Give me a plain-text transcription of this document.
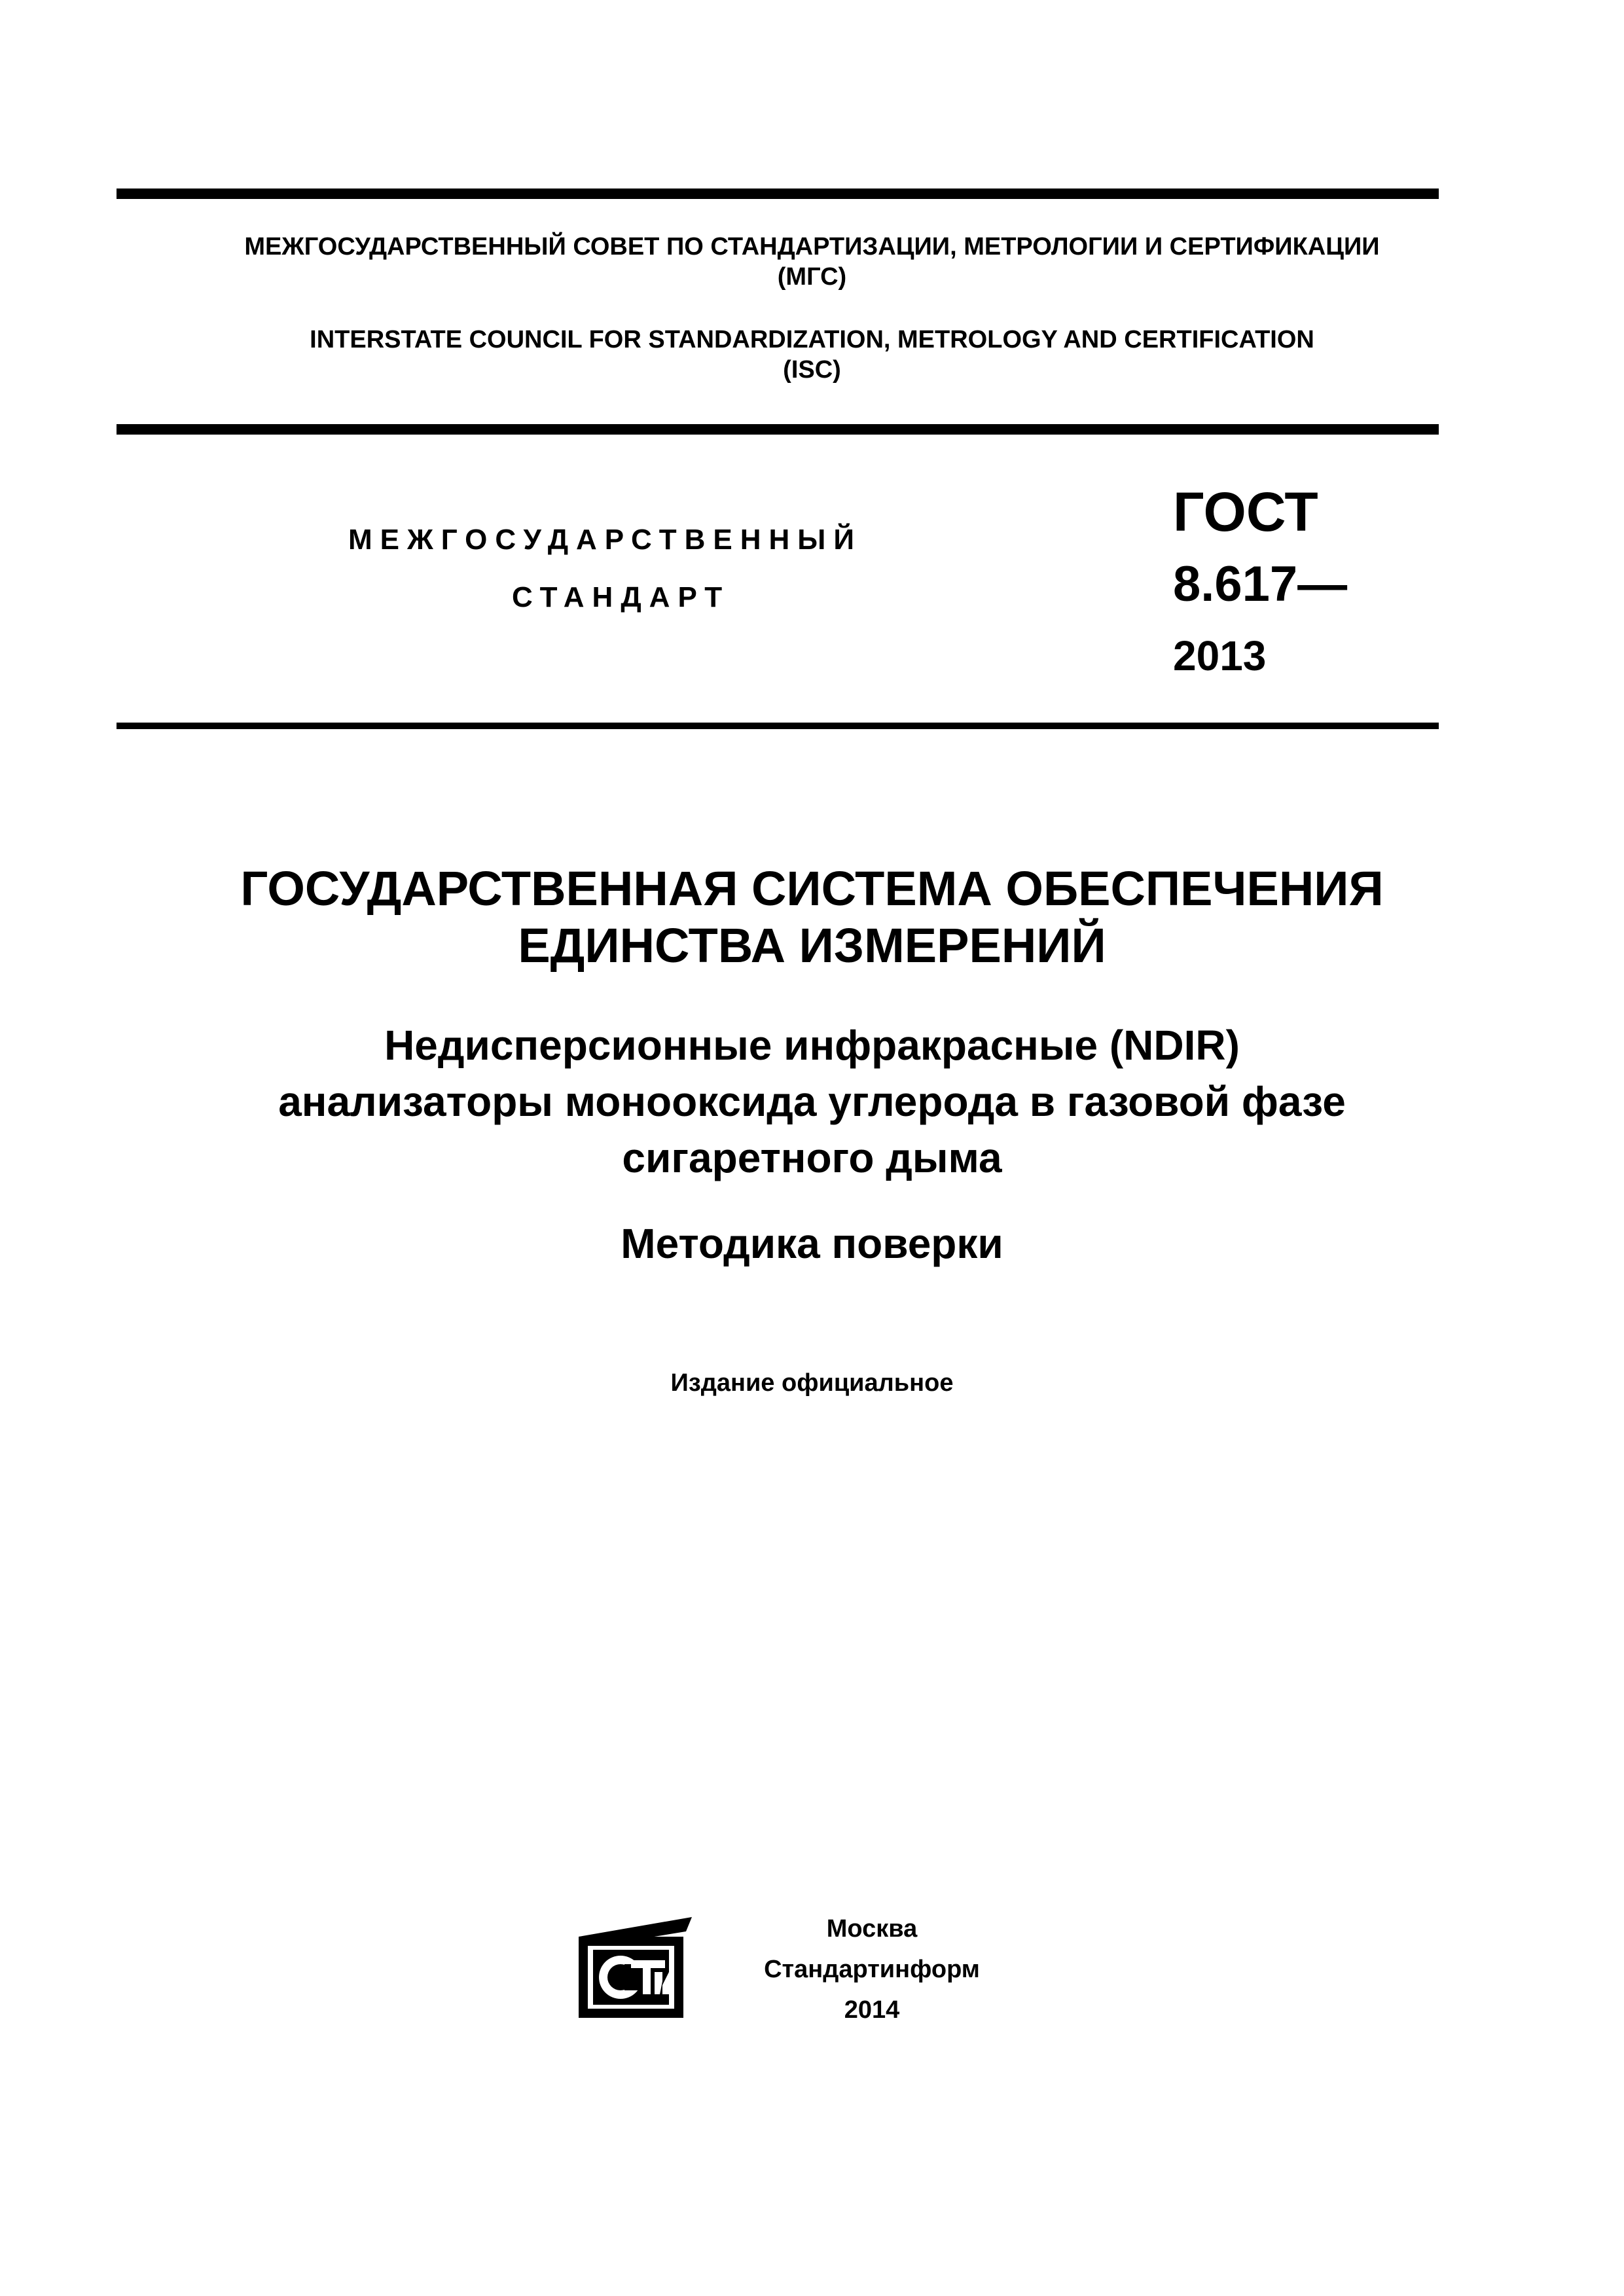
МЕЖГОСУДАРСТВЕННЫЙ СОВЕТ ПО СТАНДАРТИЗАЦИИ, МЕТРОЛОГИИ И СЕРТИФИКАЦИИ
(МГС)
INTERSTATE COUNCIL FOR STANDARDIZATION, METROLOGY AND CERTIFICATION
(ISC)
МЕЖГОСУДАРСТВЕННЫЙ
СТАНДАРТ
ГОСТ
8.617—
2013
ГОСУДАРСТВЕННАЯ СИСТЕМА ОБЕСПЕЧЕНИЯ
ЕДИНСТВА ИЗМЕРЕНИЙ
Недисперсионные инфракрасные (NDIR)
анализаторы монооксида углерода в газовой фазе
сигаретного дыма
Методика поверки
Издание официальное
Москва
Стандартинформ
2014
